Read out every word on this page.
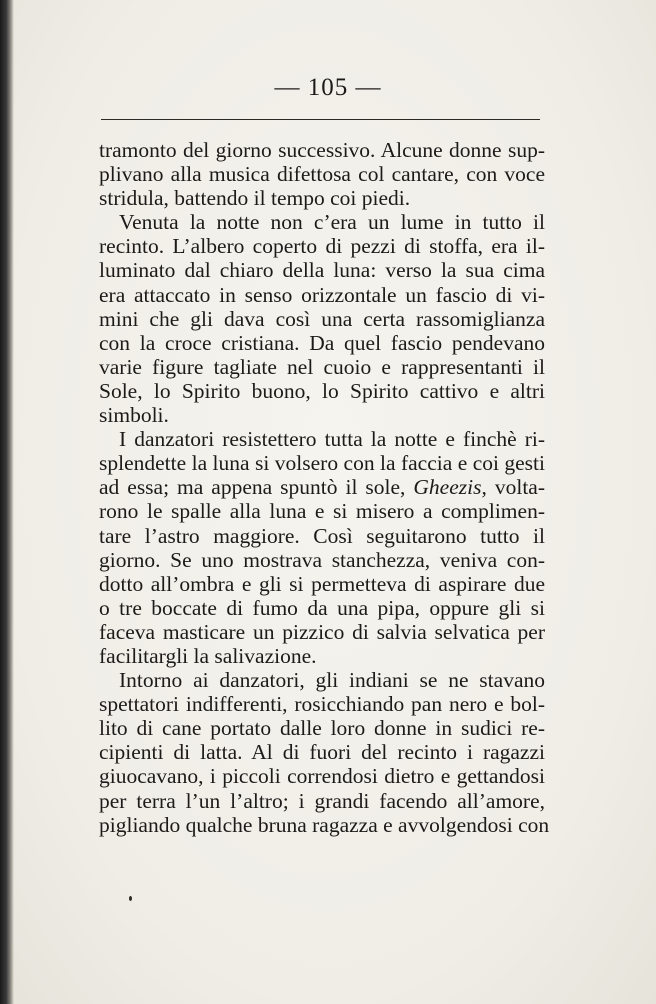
— 105 —
tramonto del giorno successivo. Alcune donne sup-
plivano alla musica difettosa col cantare, con voce
stridula, battendo il tempo coi piedi.
Venuta la notte non c’era un lume in tutto il
recinto. L’albero coperto di pezzi di stoffa, era il-
luminato dal chiaro della luna: verso la sua cima
era attaccato in senso orizzontale un fascio di vi-
mini che gli dava così una certa rassomiglianza
con la croce cristiana. Da quel fascio pendevano
varie figure tagliate nel cuoio e rappresentanti il
Sole, lo Spirito buono, lo Spirito cattivo e altri
simboli.
I danzatori resistettero tutta la notte e finchè ri-
splendette la luna si volsero con la faccia e coi gesti
ad essa; ma appena spuntò il sole, Gheezis, volta-
rono le spalle alla luna e si misero a complimen-
tare l’astro maggiore. Così seguitarono tutto il
giorno. Se uno mostrava stanchezza, veniva con-
dotto all’ombra e gli si permetteva di aspirare due
o tre boccate di fumo da una pipa, oppure gli si
faceva masticare un pizzico di salvia selvatica per
facilitargli la salivazione.
Intorno ai danzatori, gli indiani se ne stavano
spettatori indifferenti, rosicchiando pan nero e bol-
lito di cane portato dalle loro donne in sudici re-
cipienti di latta. Al di fuori del recinto i ragazzi
giuocavano, i piccoli correndosi dietro e gettandosi
per terra l’un l’altro; i grandi facendo all’amore,
pigliando qualche bruna ragazza e avvolgendosi con
